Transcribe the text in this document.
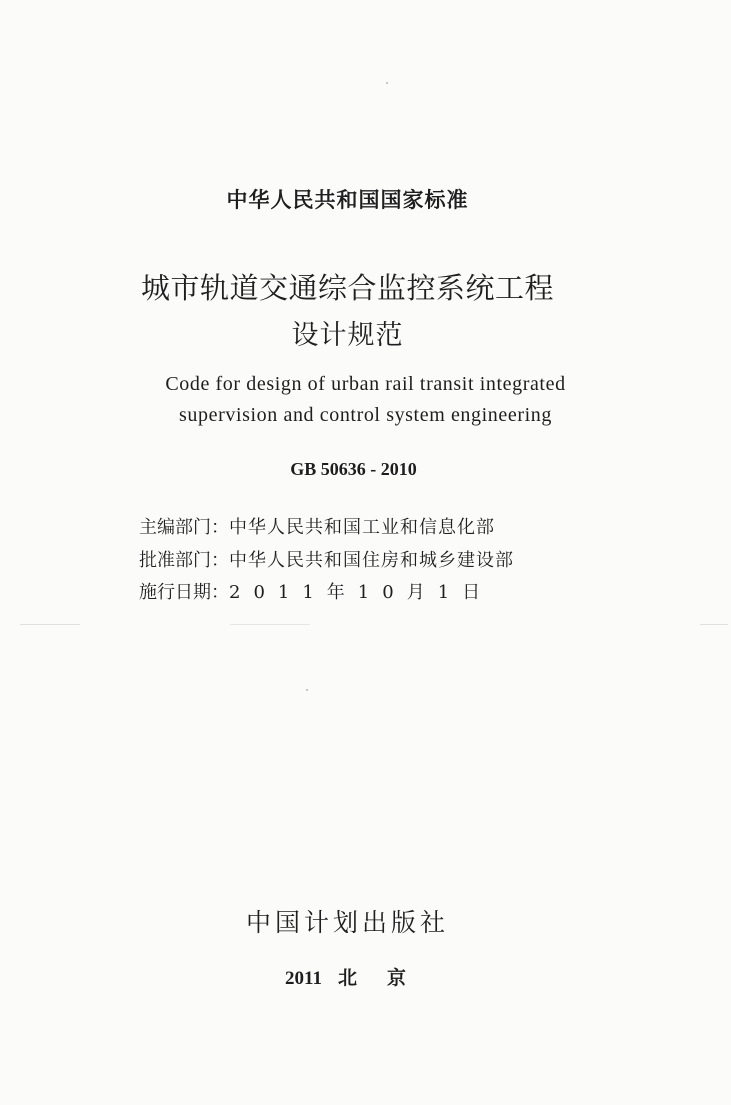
中华人民共和国国家标准
城市轨道交通综合监控系统工程
设计规范
Code for design of urban rail transit integrated
supervision and control system engineering
GB 50636 - 2010
主编部门：中华人民共和国工业和信息化部
批准部门：中华人民共和国住房和城乡建设部
施行日期：2011年10月1日
中国计划出版社
2011 北 京
